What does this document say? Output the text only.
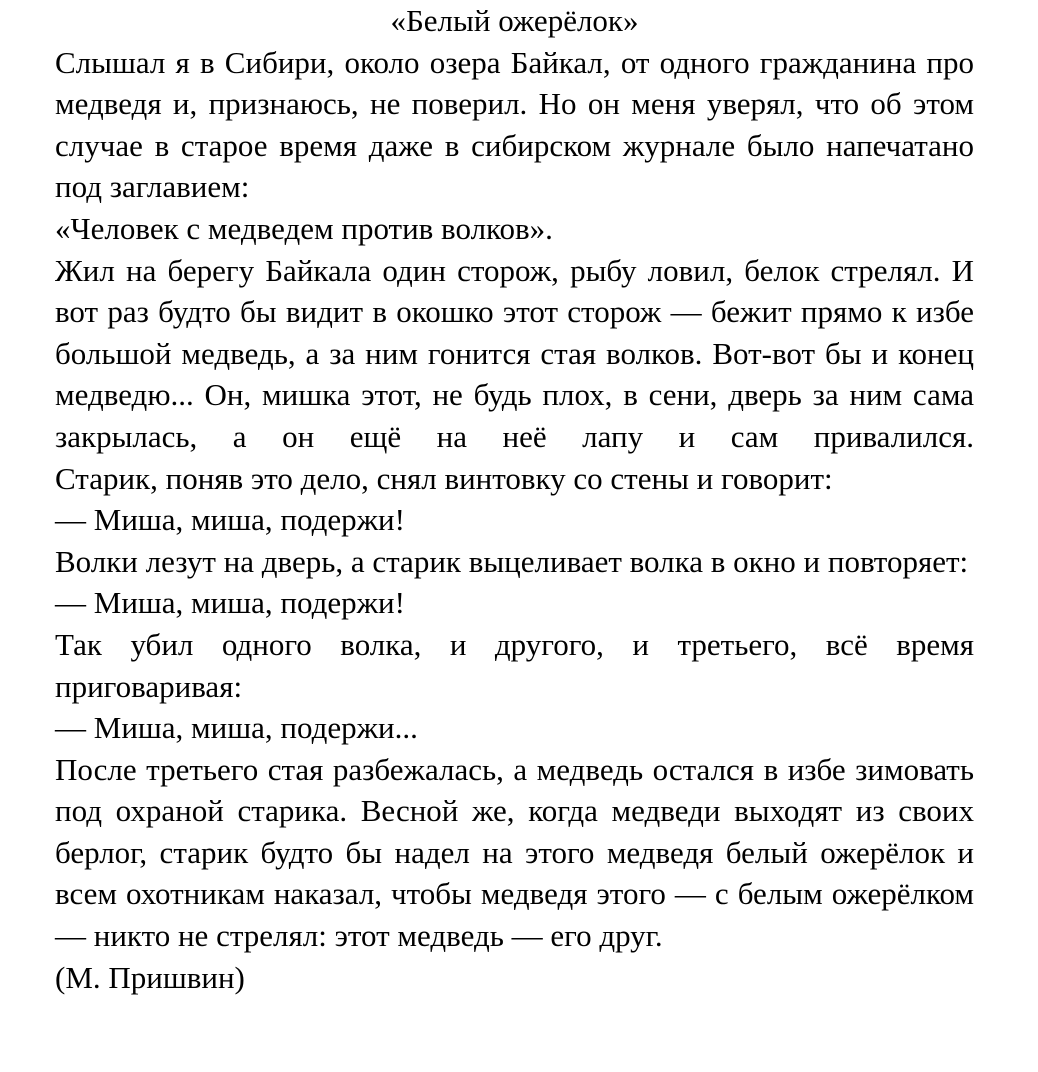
«Белый ожерёлок»
Слышал я в Сибири, около озера Байкал, от одного гражданина про медведя и, признаюсь, не поверил. Но он меня уверял, что об этом случае в старое время даже в сибирском журнале было напечатано под заглавием:
«Человек с медведем против волков».
Жил на берегу Байкала один сторож, рыбу ловил, белок стрелял. И вот раз будто бы видит в окошко этот сторож — бежит прямо к избе большой медведь, а за ним гонится стая волков. Вот-вот бы и конец медведю... Он, мишка этот, не будь плох, в сени, дверь за ним сама закрылась, а он ещё на неё лапу и сам привалился.
Старик, поняв это дело, снял винтовку со стены и говорит:
— Миша, миша, подержи!
Волки лезут на дверь, а старик выцеливает волка в окно и повторяет:
— Миша, миша, подержи!
Так убил одного волка, и другого, и третьего, всё время приговаривая:
— Миша, миша, подержи...
После третьего стая разбежалась, а медведь остался в избе зимовать под охраной старика. Весной же, когда медведи выходят из своих берлог, старик будто бы надел на этого медведя белый ожерёлок и всем охотникам наказал, чтобы медведя этого — с белым ожерёлком — никто не стрелял: этот медведь — его друг.
(М. Пришвин)
